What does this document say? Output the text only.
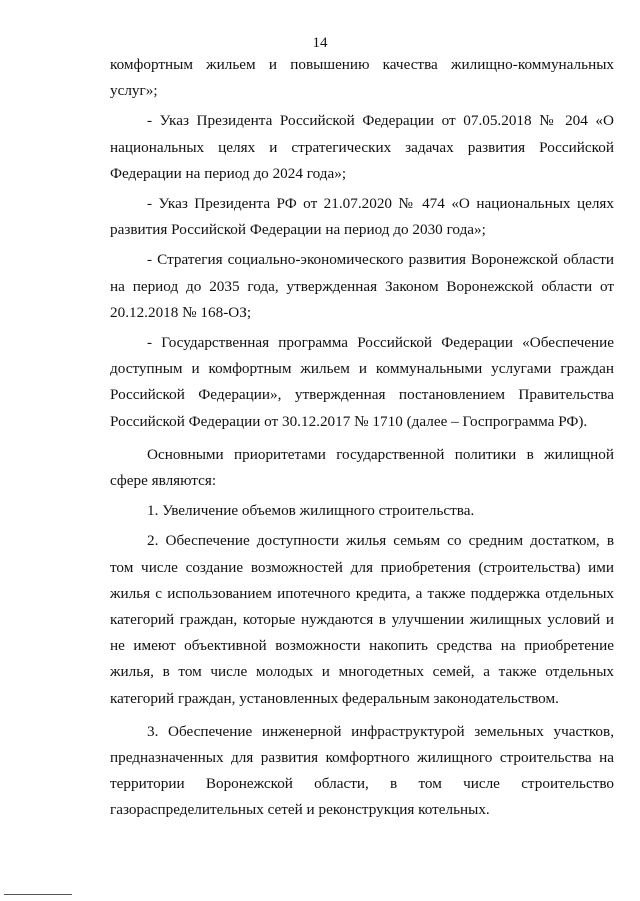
14

комфортным жильем и повышению качества жилищно-коммунальных услуг»;

- Указ Президента Российской Федерации от 07.05.2018 № 204 «О национальных целях и стратегических задачах развития Российской Федерации на период до 2024 года»;

- Указ Президента РФ от 21.07.2020 № 474 «О национальных целях развития Российской Федерации на период до 2030 года»;

- Стратегия социально-экономического развития Воронежской области на период до 2035 года, утвержденная Законом Воронежской области от 20.12.2018 № 168-ОЗ;

- Государственная программа Российской Федерации «Обеспечение доступным и комфортным жильем и коммунальными услугами граждан Российской Федерации», утвержденная постановлением Правительства Российской Федерации от 30.12.2017 № 1710 (далее – Госпрограмма РФ).

Основными приоритетами государственной политики в жилищной сфере являются:

1. Увеличение объемов жилищного строительства.

2. Обеспечение доступности жилья семьям со средним достатком, в том числе создание возможностей для приобретения (строительства) ими жилья с использованием ипотечного кредита, а также поддержка отдельных категорий граждан, которые нуждаются в улучшении жилищных условий и не имеют объективной возможности накопить средства на приобретение жилья, в том числе молодых и многодетных семей, а также отдельных категорий граждан, установленных федеральным законодательством.

3. Обеспечение инженерной инфраструктурой земельных участков, предназначенных для развития комфортного жилищного строительства на территории Воронежской области, в том числе строительство газораспределительных сетей и реконструкция котельных.
